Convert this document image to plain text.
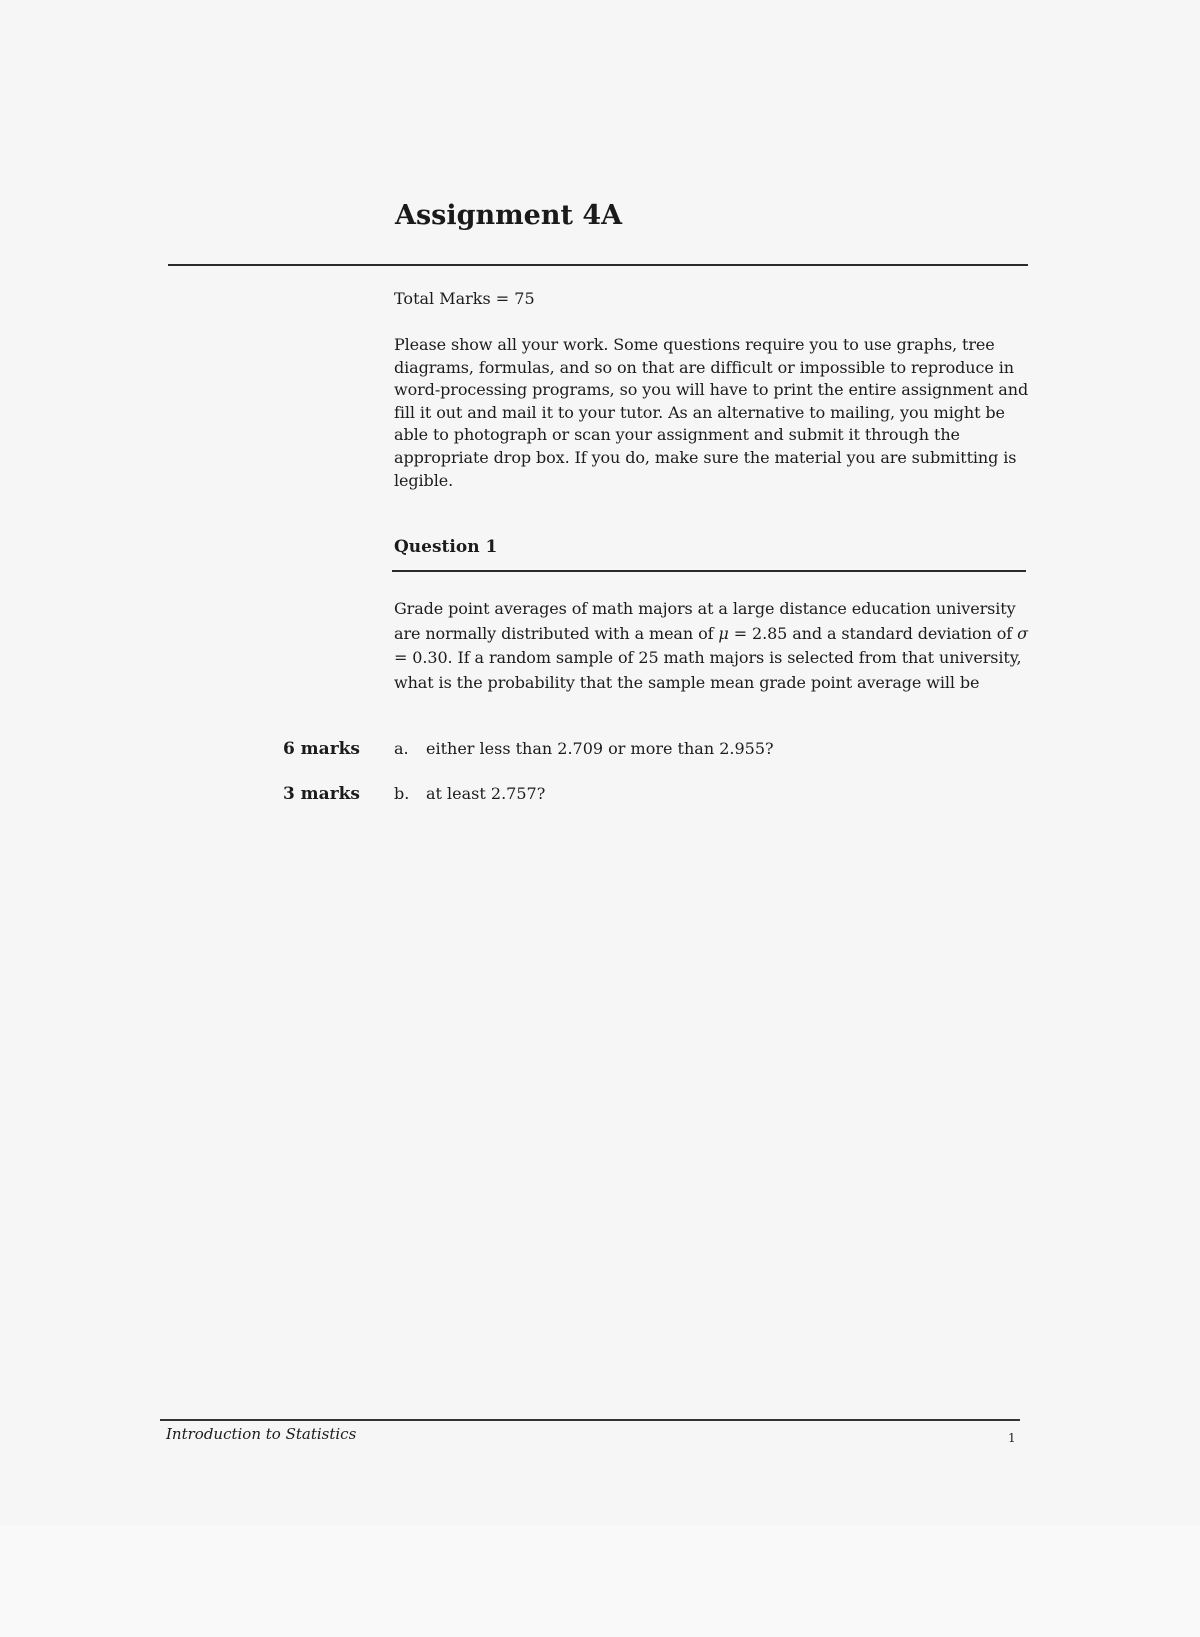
Assignment 4A

Total Marks = 75

Please show all your work. Some questions require you to use graphs, tree diagrams, formulas, and so on that are difficult or impossible to reproduce in word-processing programs, so you will have to print the entire assignment and fill it out and mail it to your tutor. As an alternative to mailing, you might be able to photograph or scan your assignment and submit it through the appropriate drop box. If you do, make sure the material you are submitting is legible.

Question 1

Grade point averages of math majors at a large distance education university are normally distributed with a mean of μ = 2.85 and a standard deviation of σ = 0.30. If a random sample of 25 math majors is selected from that university, what is the probability that the sample mean grade point average will be

6 marks a. either less than 2.709 or more than 2.955?
3 marks b. at least 2.757?

Introduction to Statistics	1
